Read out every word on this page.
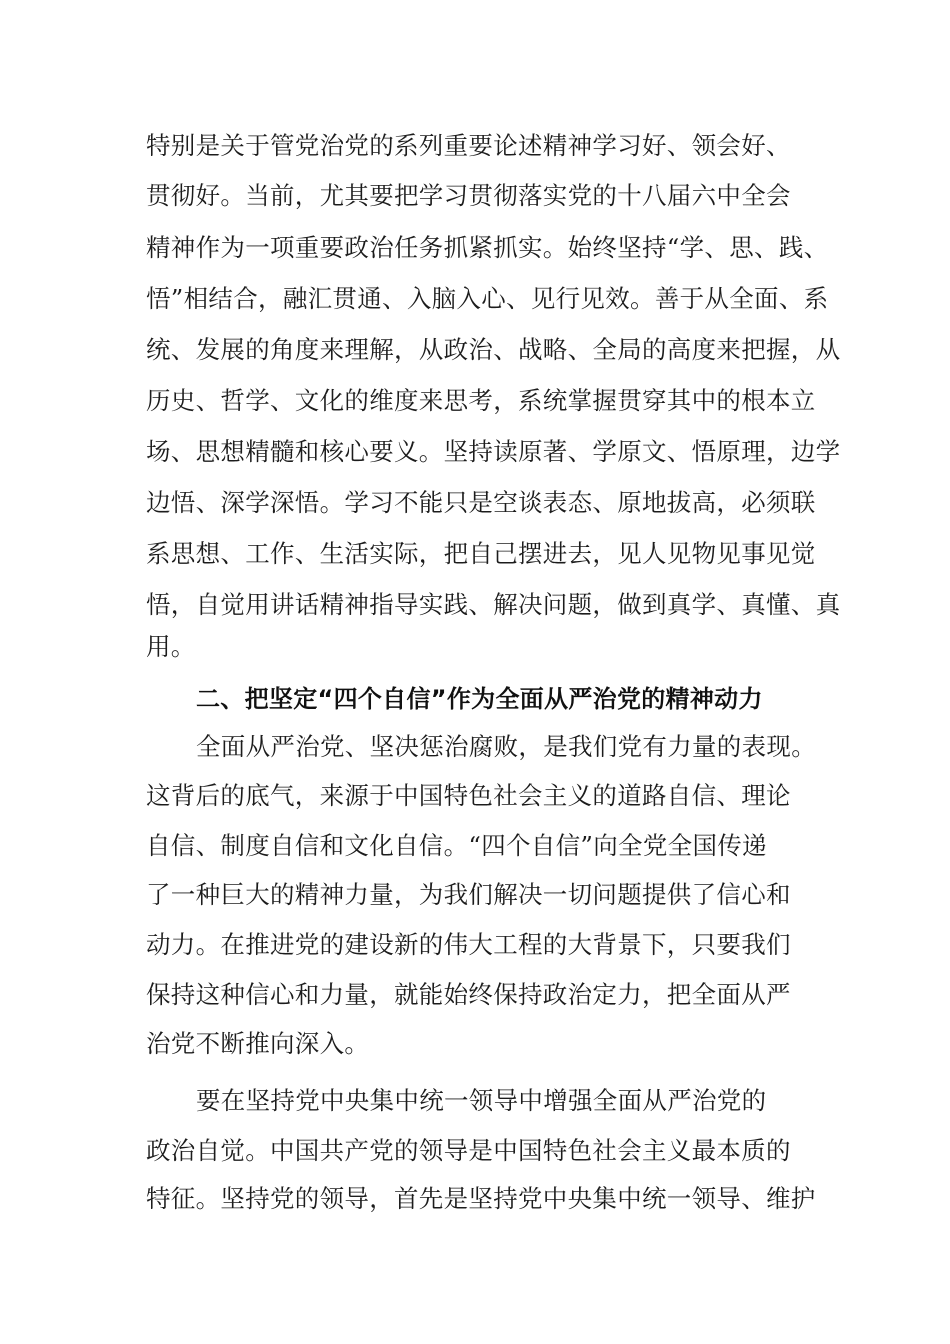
特别是关于管党治党的系列重要论述精神学习好、领会好、
贯彻好。当前，尤其要把学习贯彻落实党的十八届六中全会
精神作为一项重要政治任务抓紧抓实。始终坚持“学、思、践、
悟”相结合，融汇贯通、入脑入心、见行见效。善于从全面、系
统、发展的角度来理解，从政治、战略、全局的高度来把握，从
历史、哲学、文化的维度来思考，系统掌握贯穿其中的根本立
场、思想精髓和核心要义。坚持读原著、学原文、悟原理，边学
边悟、深学深悟。学习不能只是空谈表态、原地拔高，必须联
系思想、工作、生活实际，把自己摆进去，见人见物见事见觉
悟，自觉用讲话精神指导实践、解决问题，做到真学、真懂、真
用。
二、把坚定“四个自信”作为全面从严治党的精神动力
全面从严治党、坚决惩治腐败，是我们党有力量的表现。
这背后的底气，来源于中国特色社会主义的道路自信、理论
自信、制度自信和文化自信。“四个自信”向全党全国传递
了一种巨大的精神力量，为我们解决一切问题提供了信心和
动力。在推进党的建设新的伟大工程的大背景下，只要我们
保持这种信心和力量，就能始终保持政治定力，把全面从严
治党不断推向深入。
要在坚持党中央集中统一领导中增强全面从严治党的
政治自觉。中国共产党的领导是中国特色社会主义最本质的
特征。坚持党的领导，首先是坚持党中央集中统一领导、维护
